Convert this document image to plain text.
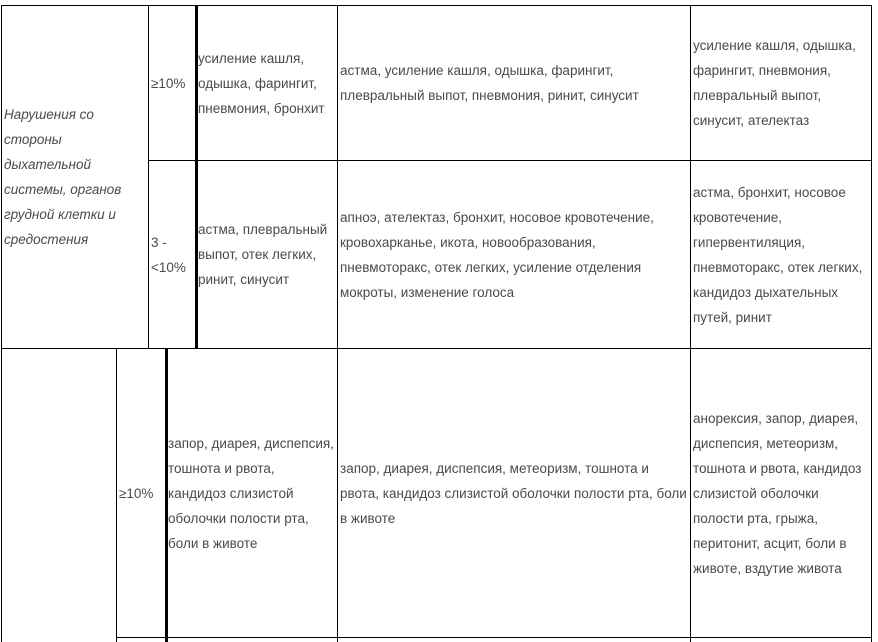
Нарушения со стороны дыхательной системы, органов грудной клетки и средостения
≥10%
усиление кашля, одышка, фарингит, пневмония, бронхит
астма, усиление кашля, одышка, фарингит, плевральный выпот, пневмония, ринит, синусит
усиление кашля, одышка, фарингит, пневмония, плевральный выпот, синусит, ателектаз
3 - <10%
астма, плевральный выпот, отек легких, ринит, синусит
апноэ, ателектаз, бронхит, носовое кровотечение, кровохарканье, икота, новообразования, пневмоторакс, отек легких, усиление отделения мокроты, изменение голоса
астма, бронхит, носовое кровотечение, гипервентиляция, пневмоторакс, отек легких, кандидоз дыхательных путей, ринит
≥10%
запор, диарея, диспепсия, тошнота и рвота, кандидоз слизистой оболочки полости рта, боли в животе
запор, диарея, диспепсия, метеоризм, тошнота и рвота, кандидоз слизистой оболочки полости рта, боли в животе
анорексия, запор, диарея, диспепсия, метеоризм, тошнота и рвота, кандидоз слизистой оболочки полости рта, грыжа, перитонит, асцит, боли в животе, вздутие живота
